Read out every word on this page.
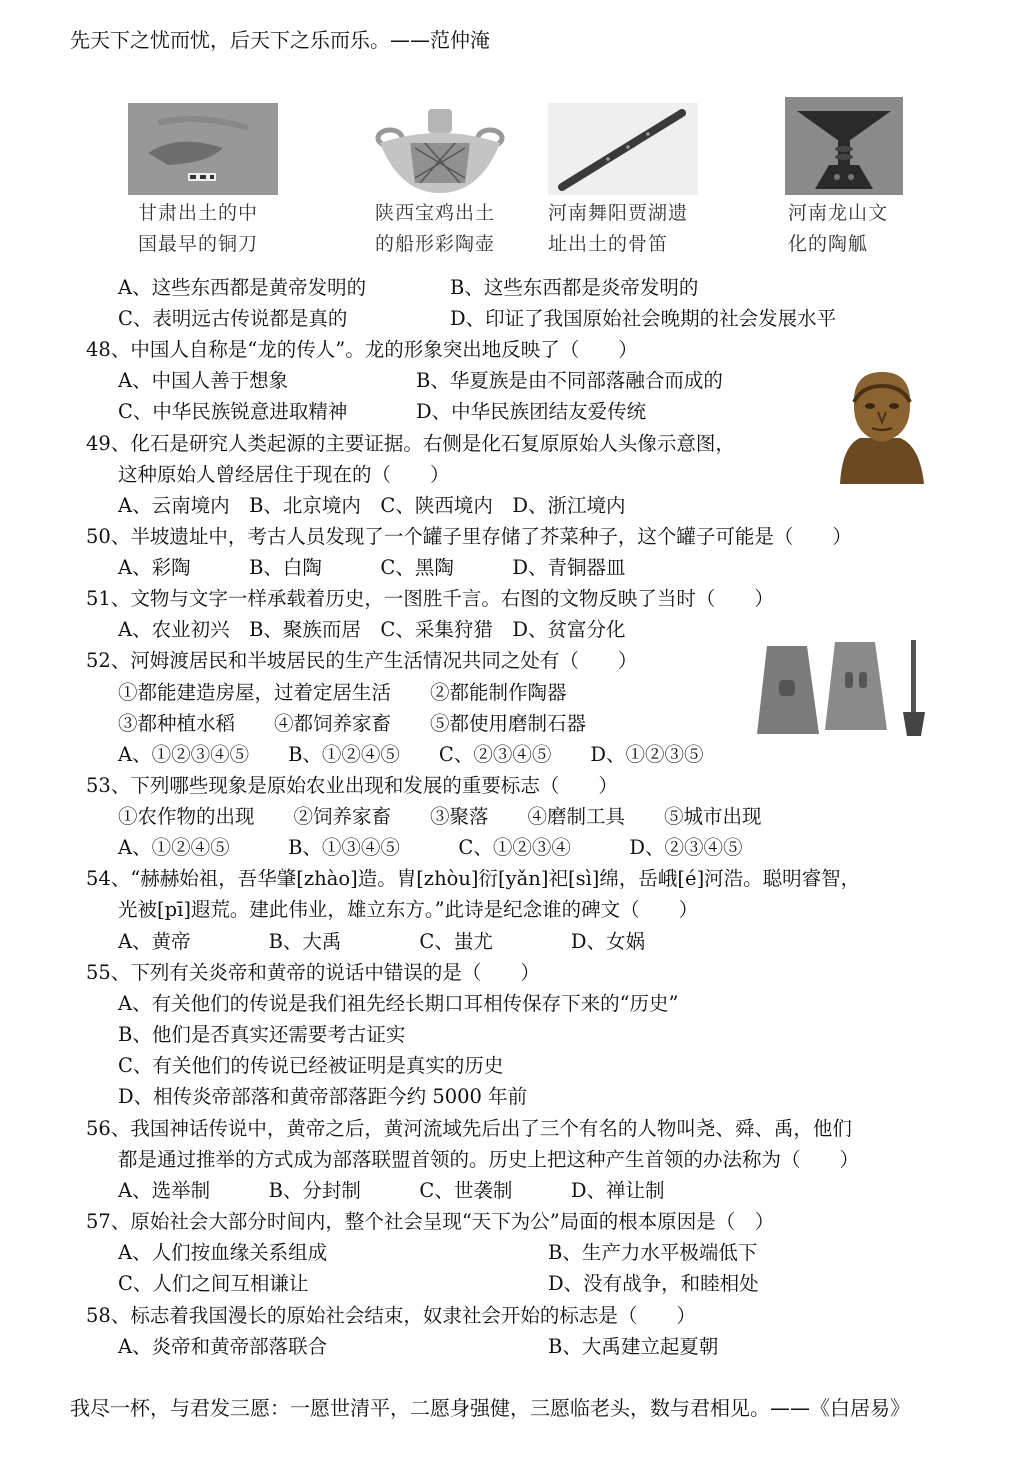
先天下之忧而忧，后天下之乐而乐。——范仲淹
甘肃出土的中
国最早的铜刀
陕西宝鸡出土
的船形彩陶壶
河南舞阳贾湖遗
址出土的骨笛
河南龙山文
化的陶觚
A、这些东西都是黄帝发明的	B、这些东西都是炎帝发明的
C、表明远古传说都是真的	D、印证了我国原始社会晚期的社会发展水平
48、中国人自称是“龙的传人”。龙的形象突出地反映了（　　）
A、中国人善于想象	B、华夏族是由不同部落融合而成的
C、中华民族锐意进取精神	D、中华民族团结友爱传统
49、化石是研究人类起源的主要证据。右侧是化石复原原始人头像示意图，
这种原始人曾经居住于现在的（　　）
A、云南境内　B、北京境内　C、陕西境内　D、浙江境内
50、半坡遗址中，考古人员发现了一个罐子里存储了芥菜种子，这个罐子可能是（　　）
A、彩陶　　　B、白陶　　　C、黑陶　　　D、青铜器皿
51、文物与文字一样承载着历史，一图胜千言。右图的文物反映了当时（　　）
A、农业初兴　B、聚族而居　C、采集狩猎　D、贫富分化
52、河姆渡居民和半坡居民的生产生活情况共同之处有（　　）
①都能建造房屋，过着定居生活　　②都能制作陶器
③都种植水稻　　④都饲养家畜　　⑤都使用磨制石器
A、①②③④⑤　　B、①②④⑤　　C、②③④⑤　　D、①②③⑤
53、下列哪些现象是原始农业出现和发展的重要标志（　　）
①农作物的出现　　②饲养家畜　　③聚落　　④磨制工具　　⑤城市出现
A、①②④⑤　　　B、①③④⑤　　　C、①②③④　　　D、②③④⑤
54、“赫赫始祖，吾华肇[zhào]造。胄[zhòu]衍[yǎn]祀[sì]绵，岳峨[é]河浩。聪明睿智，
光被[pī]遐荒。建此伟业，雄立东方。”此诗是纪念谁的碑文（　　）
A、黄帝　　　　B、大禹　　　　C、蚩尤　　　　D、女娲
55、下列有关炎帝和黄帝的说话中错误的是（　　）
A、有关他们的传说是我们祖先经长期口耳相传保存下来的“历史”
B、他们是否真实还需要考古证实
C、有关他们的传说已经被证明是真实的历史
D、相传炎帝部落和黄帝部落距今约 5000 年前
56、我国神话传说中，黄帝之后，黄河流域先后出了三个有名的人物叫尧、舜、禹，他们
都是通过推举的方式成为部落联盟首领的。历史上把这种产生首领的办法称为（　　）
A、选举制　　　B、分封制　　　C、世袭制　　　D、禅让制
57、原始社会大部分时间内，整个社会呈现“天下为公”局面的根本原因是（　）
A、人们按血缘关系组成	B、生产力水平极端低下
C、人们之间互相谦让	D、没有战争，和睦相处
58、标志着我国漫长的原始社会结束，奴隶社会开始的标志是（　　）
A、炎帝和黄帝部落联合	B、大禹建立起夏朝
我尽一杯，与君发三愿：一愿世清平，二愿身强健，三愿临老头，数与君相见。——《白居易》
